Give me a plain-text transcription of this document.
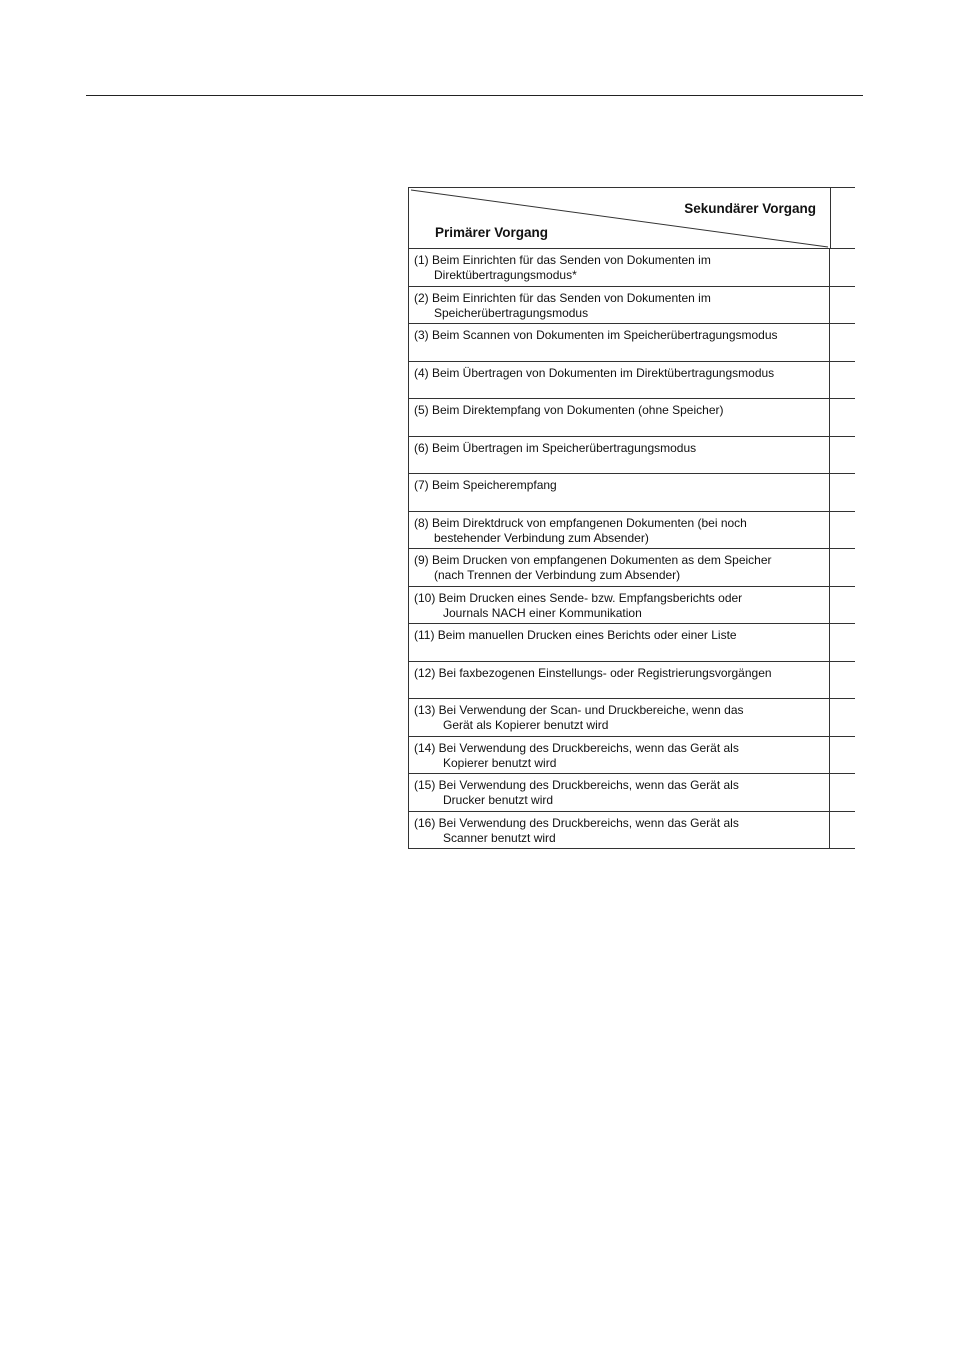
Sekundärer Vorgang
Primärer Vorgang
(1) Beim Einrichten für das Senden von Dokumenten im
Direktübertragungsmodus*
(2) Beim Einrichten für das Senden von Dokumenten im
Speicherübertragungsmodus
(3) Beim Scannen von Dokumenten im Speicherübertragungsmodus
(4) Beim Übertragen von Dokumenten im Direktübertragungsmodus
(5) Beim Direktempfang von Dokumenten (ohne Speicher)
(6) Beim Übertragen im Speicherübertragungsmodus
(7) Beim Speicherempfang
(8) Beim Direktdruck von empfangenen Dokumenten (bei noch
bestehender Verbindung zum Absender)
(9) Beim Drucken von empfangenen Dokumenten as dem Speicher
(nach Trennen der Verbindung zum Absender)
(10) Beim Drucken eines Sende- bzw. Empfangsberichts oder
Journals NACH einer Kommunikation
(11) Beim manuellen Drucken eines Berichts oder einer Liste
(12) Bei faxbezogenen Einstellungs- oder Registrierungsvorgängen
(13) Bei Verwendung der Scan- und Druckbereiche, wenn das
Gerät als Kopierer benutzt wird
(14) Bei Verwendung des Druckbereichs, wenn das Gerät als
Kopierer benutzt wird
(15) Bei Verwendung des Druckbereichs, wenn das Gerät als
Drucker benutzt wird
(16) Bei Verwendung des Druckbereichs, wenn das Gerät als
Scanner benutzt wird
